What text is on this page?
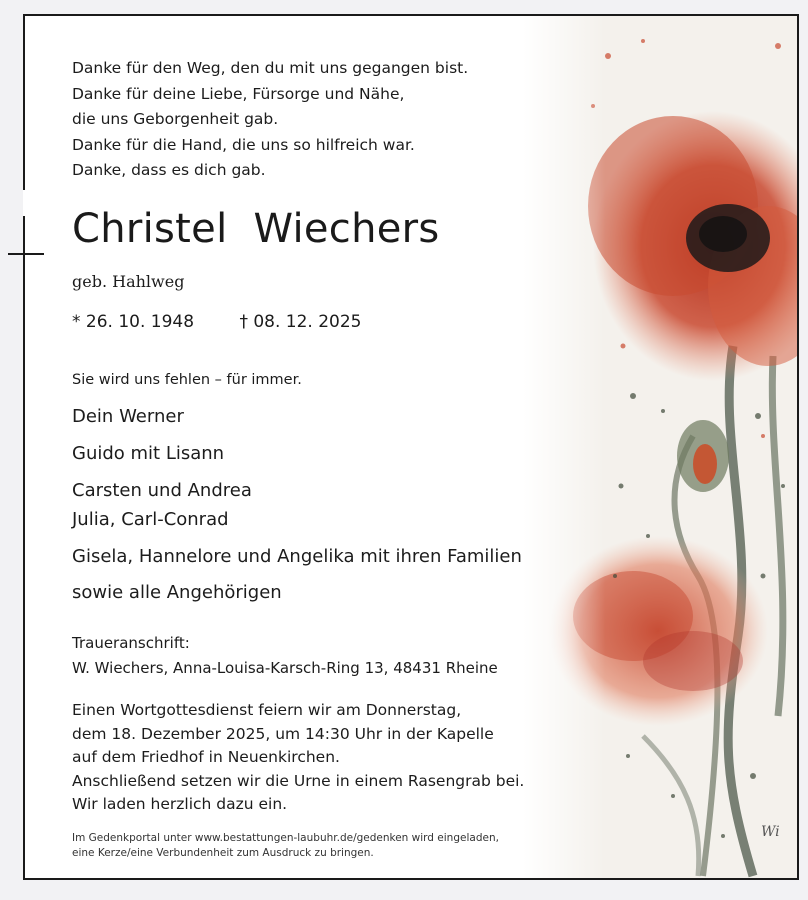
Wi
Danke für den Weg, den du mit uns gegangen bist.
Danke für deine Liebe, Fürsorge und Nähe,
die uns Geborgenheit gab.
Danke für die Hand, die uns so hilfreich war.
Danke, dass es dich gab.
Christel  Wiechers
geb. Hahlweg
* 26. 10. 1948	† 08. 12. 2025
Sie wird uns fehlen – für immer.
Dein Werner
Guido mit Lisann
Carsten und Andrea
Julia, Carl-Conrad
Gisela, Hannelore und Angelika mit ihren Familien
sowie alle Angehörigen
Traueranschrift:
W. Wiechers, Anna-Louisa-Karsch-Ring 13, 48431 Rheine
Einen Wortgottesdienst feiern wir am Donnerstag,
dem 18. Dezember 2025, um 14:30 Uhr in der Kapelle
auf dem Friedhof in Neuenkirchen.
Anschließend setzen wir die Urne in einem Rasengrab bei.
Wir laden herzlich dazu ein.
Im Gedenkportal unter www.bestattungen-laubuhr.de/gedenken wird eingeladen,
eine Kerze/eine Verbundenheit zum Ausdruck zu bringen.
